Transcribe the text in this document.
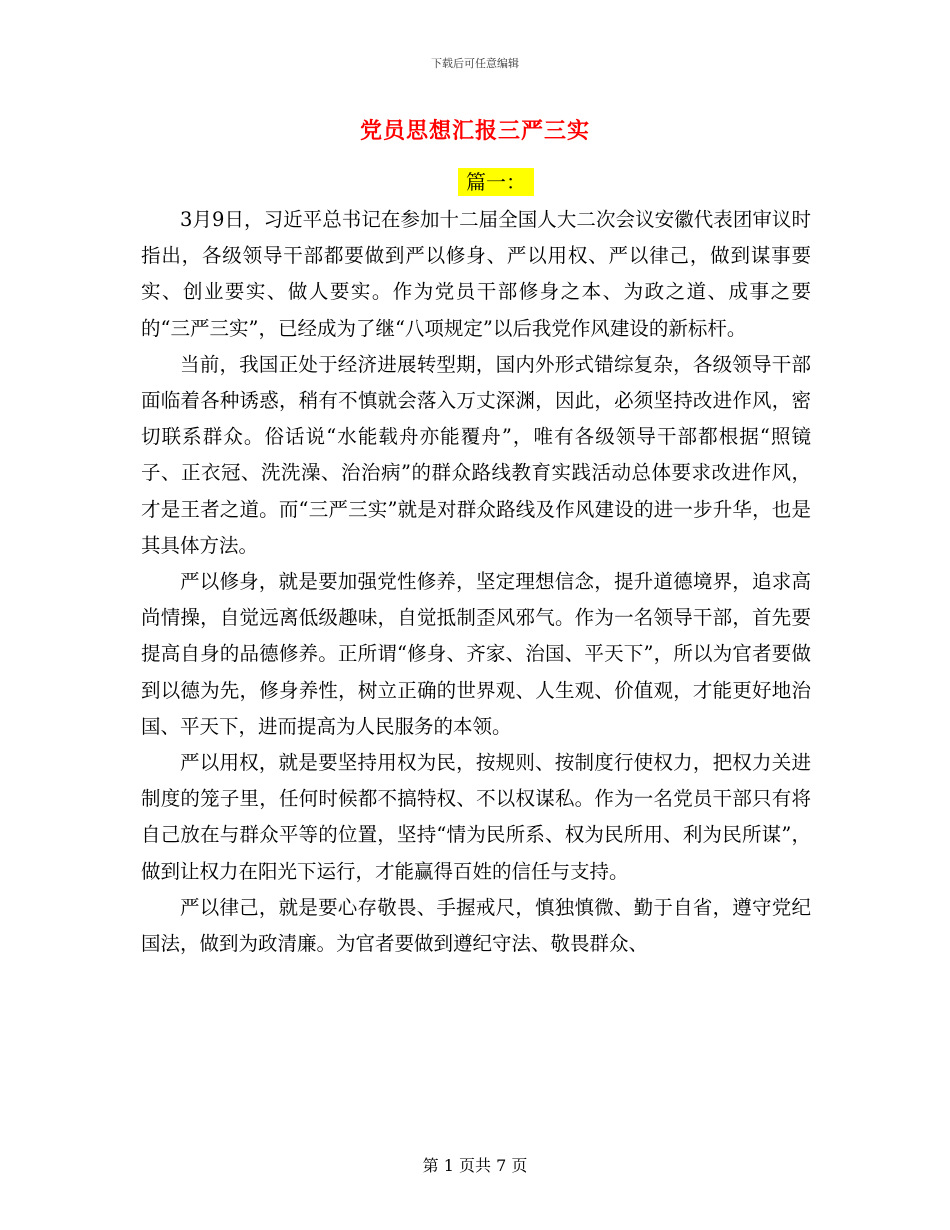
下载后可任意编辑
党员思想汇报三严三实
篇一：

3月9日，习近平总书记在参加十二届全国人大二次会议安徽代表团审议时指出，各级领导干部都要做到严以修身、严以用权、严以律己，做到谋事要实、创业要实、做人要实。作为党员干部修身之本、为政之道、成事之要的“三严三实”，已经成为了继“八项规定”以后我党作风建设的新标杆。

当前，我国正处于经济进展转型期，国内外形式错综复杂，各级领导干部面临着各种诱惑，稍有不慎就会落入万丈深渊，因此，必须坚持改进作风，密切联系群众。俗话说“水能载舟亦能覆舟”，唯有各级领导干部都根据“照镜子、正衣冠、洗洗澡、治治病”的群众路线教育实践活动总体要求改进作风，才是王者之道。而“三严三实”就是对群众路线及作风建设的进一步升华，也是其具体方法。

严以修身，就是要加强党性修养，坚定理想信念，提升道德境界，追求高尚情操，自觉远离低级趣味，自觉抵制歪风邪气。作为一名领导干部，首先要提高自身的品德修养。正所谓“修身、齐家、治国、平天下”，所以为官者要做到以德为先，修身养性，树立正确的世界观、人生观、价值观，才能更好地治国、平天下，进而提高为人民服务的本领。

严以用权，就是要坚持用权为民，按规则、按制度行使权力，把权力关进制度的笼子里，任何时候都不搞特权、不以权谋私。作为一名党员干部只有将自己放在与群众平等的位置，坚持“情为民所系、权为民所用、利为民所谋”，做到让权力在阳光下运行，才能赢得百姓的信任与支持。

严以律己，就是要心存敬畏、手握戒尺，慎独慎微、勤于自省，遵守党纪国法，做到为政清廉。为官者要做到遵纪守法、敬畏群众、

第 1 页共 7 页
